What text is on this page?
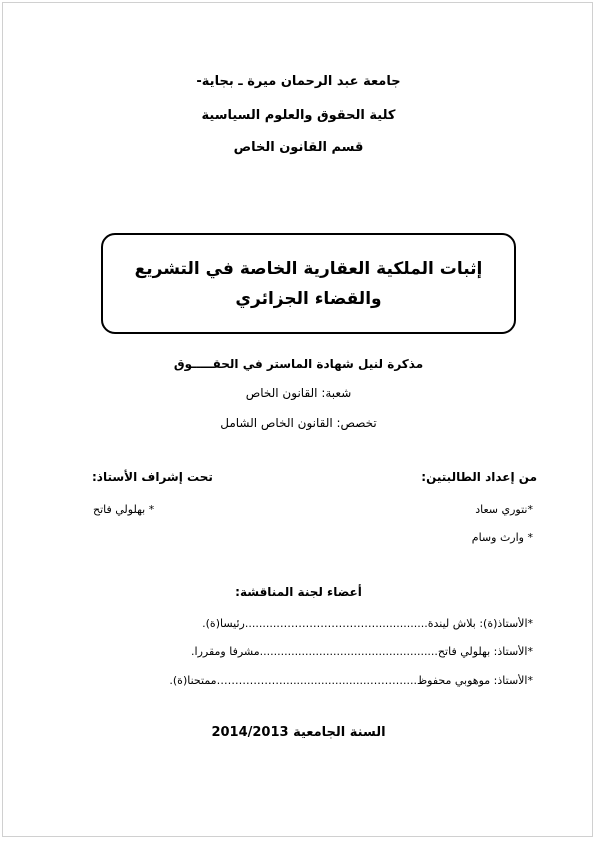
جامعة عبد الرحمان ميرة ـ بجاية-
كلية الحقوق والعلوم السياسية
قسم القانون الخاص
إثبات الملكية العقارية الخاصة في التشريع
والقضاء الجزائري
مذكرة لنيل شهادة الماستر في الحقـــــوق
شعبة: القانون الخاص
تخصص: القانون الخاص الشامل
من إعداد الطالبتين:
*نتوري سعاد
* وارث وسام
تحت إشراف الأستاذ:
* بهلولي فاتح
أعضاء لجنة المناقشة:
*الأستاذ(ة): بلاش ليندة...............……………………….........رئيسا(ة).
*الأستاذ: بهلولي فاتح...................................................مشرفا ومقررا.
*الأستاذ: موهوبي محفوظ....……….........................………………ممتحنا(ة).
السنة الجامعية 2014/2013
